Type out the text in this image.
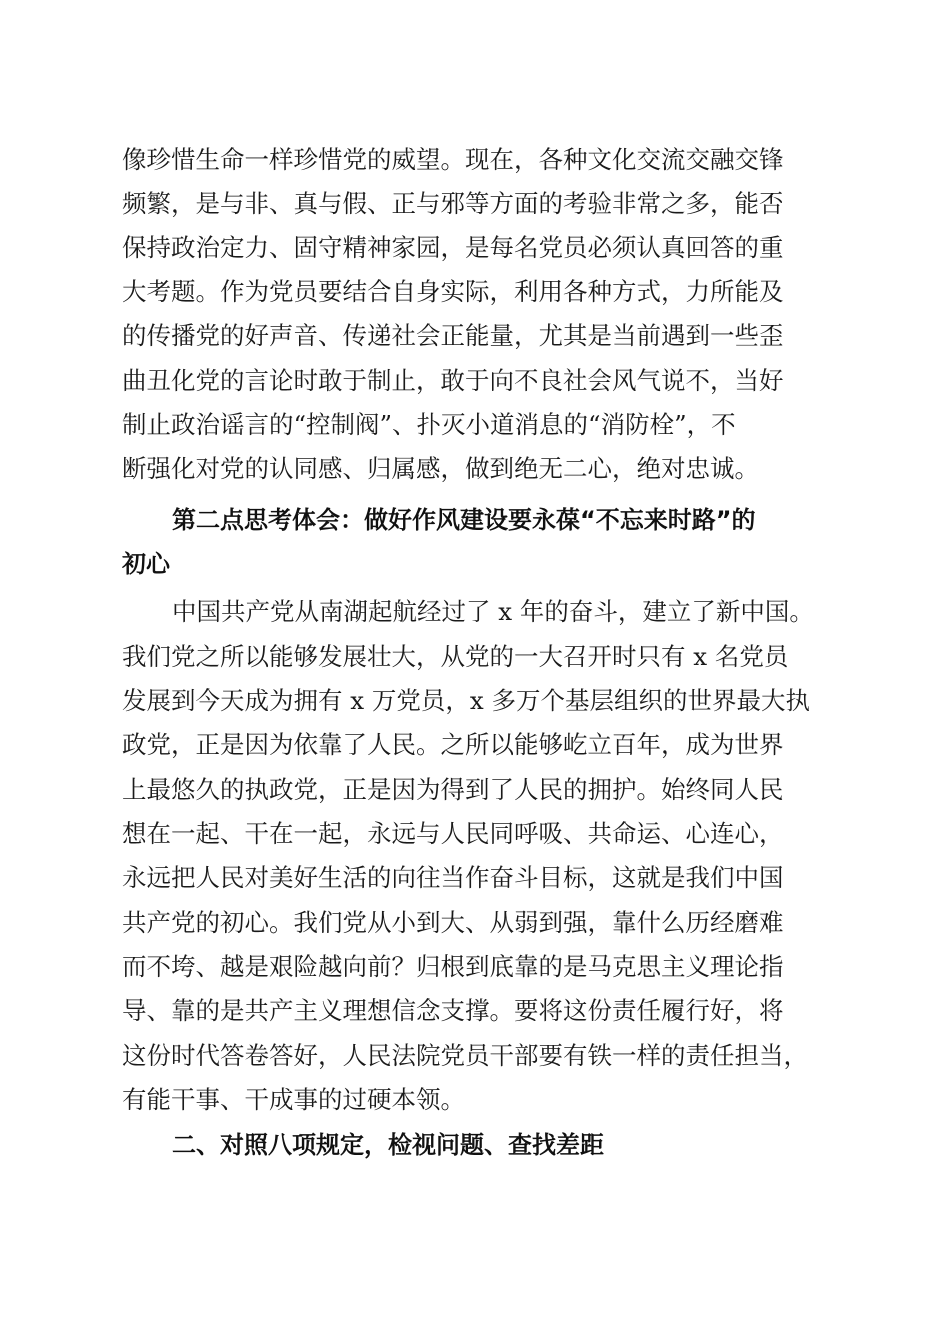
像珍惜生命一样珍惜党的威望。现在，各种文化交流交融交锋
频繁，是与非、真与假、正与邪等方面的考验非常之多，能否
保持政治定力、固守精神家园，是每名党员必须认真回答的重
大考题。作为党员要结合自身实际，利用各种方式，力所能及
的传播党的好声音、传递社会正能量，尤其是当前遇到一些歪
曲丑化党的言论时敢于制止，敢于向不良社会风气说不，当好
制止政治谣言的“控制阀”、扑灭小道消息的“消防栓”，不
断强化对党的认同感、归属感，做到绝无二心，绝对忠诚。
第二点思考体会：做好作风建设要永葆“不忘来时路”的
初心
中国共产党从南湖起航经过了 x 年的奋斗，建立了新中国。
我们党之所以能够发展壮大，从党的一大召开时只有 x 名党员
发展到今天成为拥有 x 万党员，x 多万个基层组织的世界最大执
政党，正是因为依靠了人民。之所以能够屹立百年，成为世界
上最悠久的执政党，正是因为得到了人民的拥护。始终同人民
想在一起、干在一起，永远与人民同呼吸、共命运、心连心，
永远把人民对美好生活的向往当作奋斗目标，这就是我们中国
共产党的初心。我们党从小到大、从弱到强，靠什么历经磨难
而不垮、越是艰险越向前？归根到底靠的是马克思主义理论指
导、靠的是共产主义理想信念支撑。要将这份责任履行好，将
这份时代答卷答好，人民法院党员干部要有铁一样的责任担当，
有能干事、干成事的过硬本领。
二、对照八项规定，检视问题、查找差距
